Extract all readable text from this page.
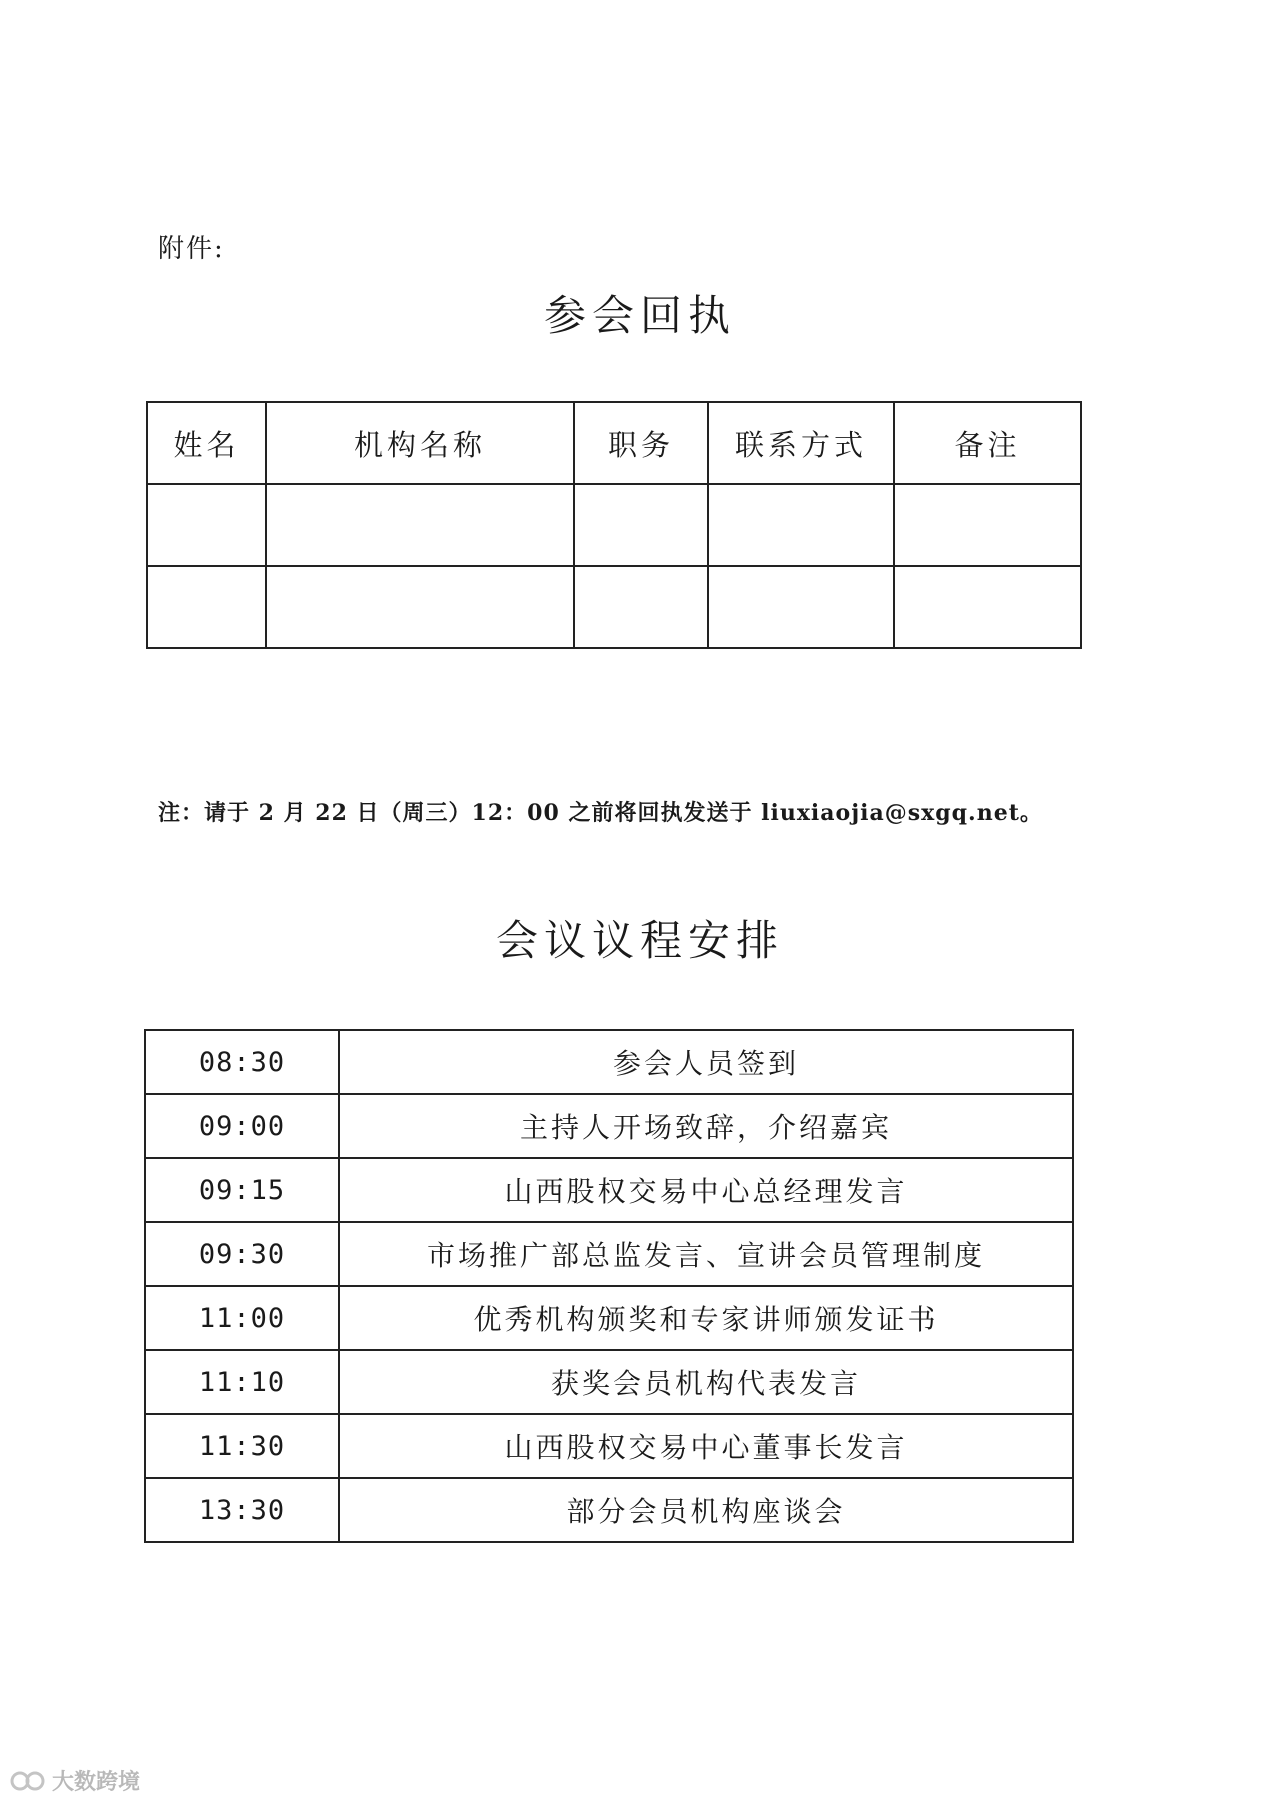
附件:
参会回执
姓名	机构名称	职务	联系方式	备注

注：请于 2 月 22 日（周三）12：00 之前将回执发送于 liuxiaojia@sxgq.net。
会议议程安排
08:30	参会人员签到
09:00	主持人开场致辞，介绍嘉宾
09:15	山西股权交易中心总经理发言
09:30	市场推广部总监发言、宣讲会员管理制度
11:00	优秀机构颁奖和专家讲师颁发证书
11:10	获奖会员机构代表发言
11:30	山西股权交易中心董事长发言
13:30	部分会员机构座谈会
大数跨境
